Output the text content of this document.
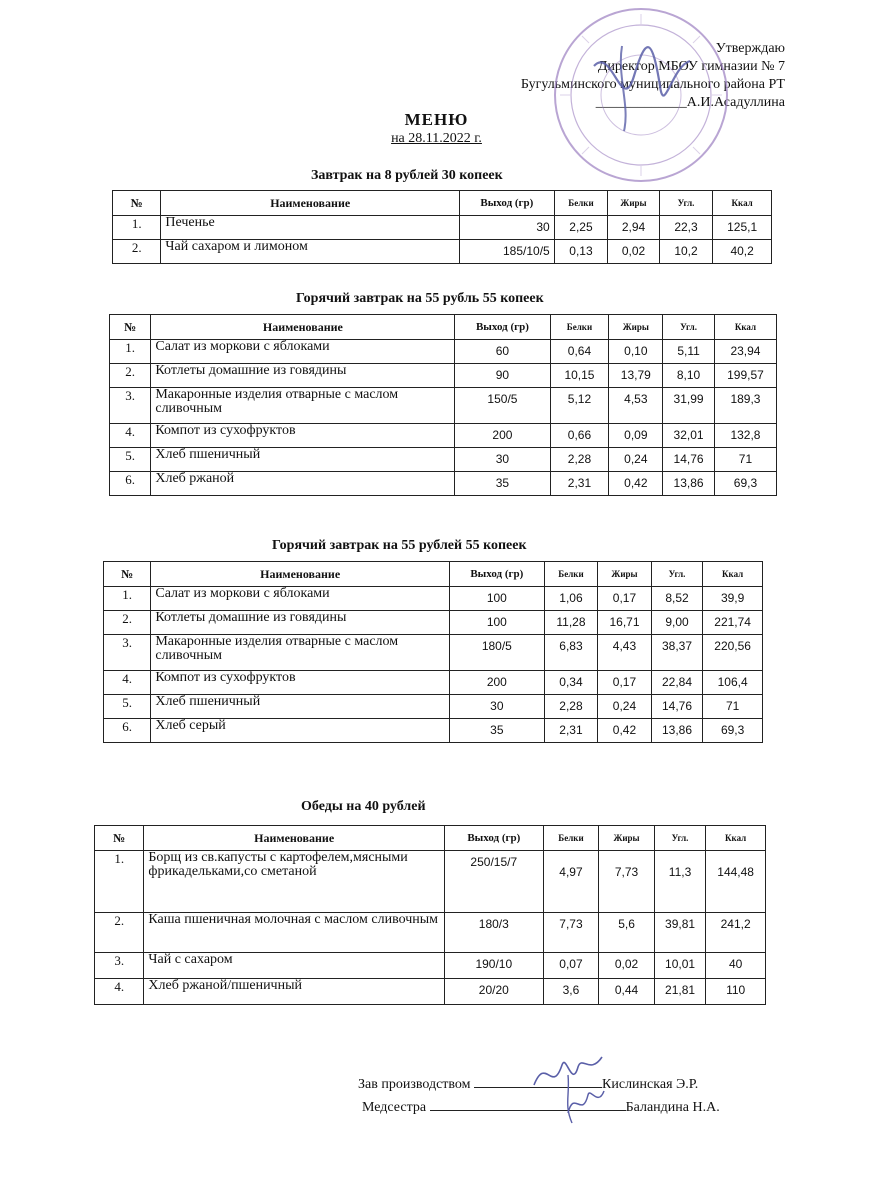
Утверждаю
Директор МБОУ гимназии № 7
Бугульминского муниципального района РТ
_____________А.И.Асадуллина
МЕНЮ
на 28.11.2022 г.
Завтрак на 8 рублей 30 копеек
№	Наименование	Выход (гр)	Белки	Жиры	Угл.	Ккал
1.	Печенье	30	2,25	2,94	22,3	125,1
2.	Чай сахаром и лимоном	185/10/5	0,13	0,02	10,2	40,2
Горячий завтрак на 55 рубль 55 копеек
№	Наименование	Выход (гр)	Белки	Жиры	Угл.	Ккал
1.	Салат из моркови с яблоками	60	0,64	0,10	5,11	23,94
2.	Котлеты домашние из говядины	90	10,15	13,79	8,10	199,57
3.	Макаронные изделия отварные с маслом сливочным	150/5	5,12	4,53	31,99	189,3
4.	Компот из сухофруктов	200	0,66	0,09	32,01	132,8
5.	Хлеб пшеничный	30	2,28	0,24	14,76	71
6.	Хлеб ржаной	35	2,31	0,42	13,86	69,3
Горячий завтрак на 55 рублей 55 копеек
№	Наименование	Выход (гр)	Белки	Жиры	Угл.	Ккал
1.	Салат из моркови с яблоками	100	1,06	0,17	8,52	39,9
2.	Котлеты домашние из говядины	100	11,28	16,71	9,00	221,74
3.	Макаронные изделия отварные с маслом сливочным	180/5	6,83	4,43	38,37	220,56
4.	Компот из сухофруктов	200	0,34	0,17	22,84	106,4
5.	Хлеб пшеничный	30	2,28	0,24	14,76	71
6.	Хлеб серый	35	2,31	0,42	13,86	69,3
Обеды на 40 рублей
№	Наименование	Выход (гр)	Белки	Жиры	Угл.	Ккал
1.	Борщ из св.капусты с картофелем,мясными фрикадельками,со сметаной	250/15/7	4,97	7,73	11,3	144,48
2.	Каша пшеничная молочная с маслом сливочным	180/3	7,73	5,6	39,81	241,2
3.	Чай с сахаром	190/10	0,07	0,02	10,01	40
4.	Хлеб ржаной/пшеничный	20/20	3,6	0,44	21,81	110
Зав производством	Кислинская Э.Р.
Медсестра	Баландина Н.А.
